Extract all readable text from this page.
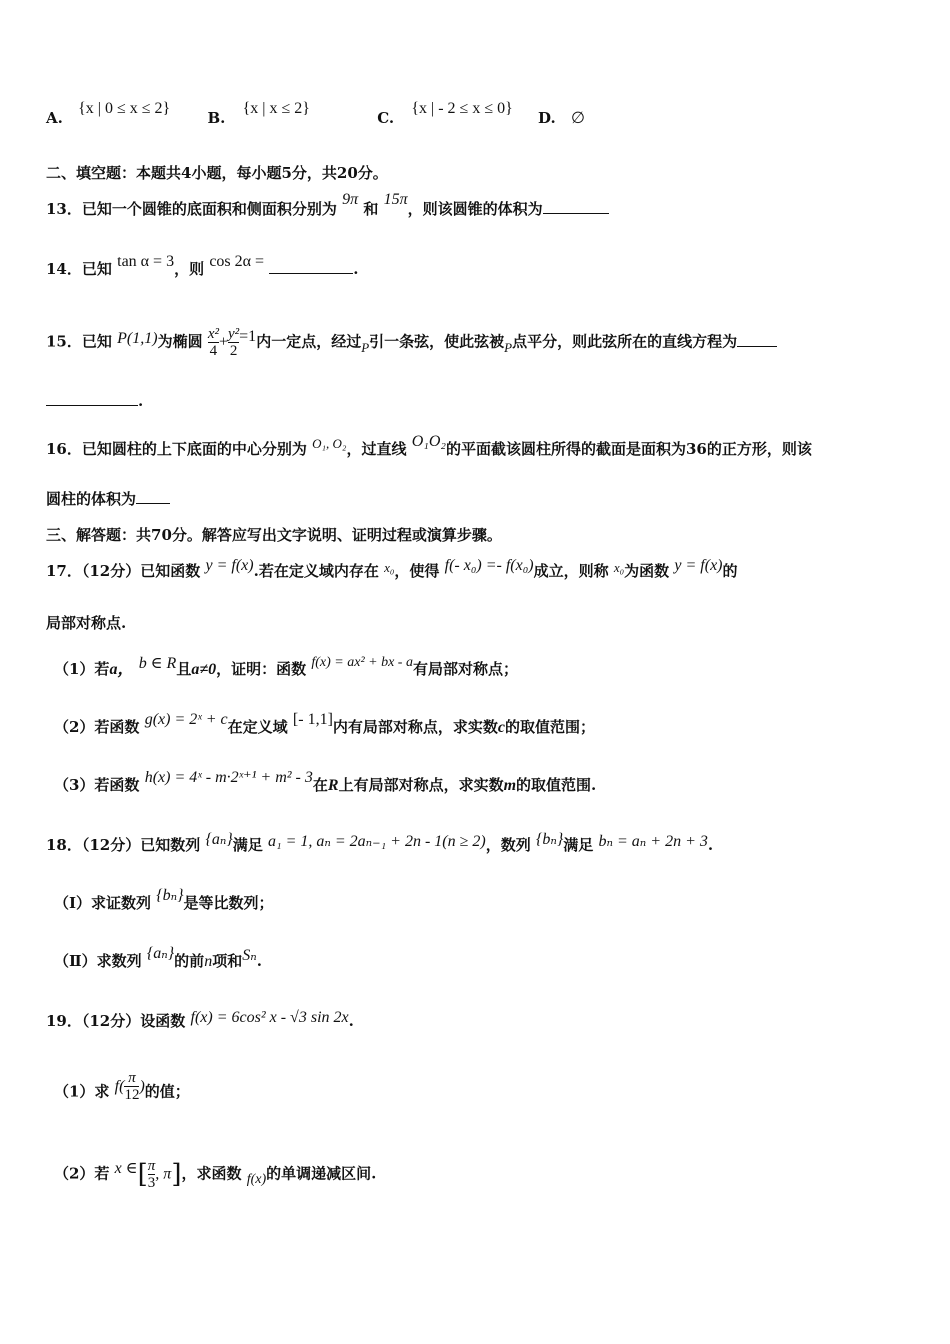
A. {x | 0 ≤ x ≤ 2} B. {x | x ≤ 2} C. {x | - 2 ≤ x ≤ 0} D. ∅
二、填空题：本题共4小题，每小题5分，共20分。
13．已知一个圆锥的底面积和侧面积分别为 9π 和 15π，则该圆锥的体积为
14．已知 tan α = 3，则 cos 2α =	.
15．已知 P(1,1)为椭圆 $\frac{\text{x²}}{4} + \frac{\text{y²}}{2} =1$内一定点，经过P引一条弦，使此弦被P点平分，则此弦所在的直线方程为
.
16．已知圆柱的上下底面的中心分别为 O₁, O₂，过直线 O₁O₂的平面截该圆柱所得的截面是面积为36的正方形，则该
圆柱的体积为
三、解答题：共70分。解答应写出文字说明、证明过程或演算步骤。
17．（12分）已知函数 y = f(x).若在定义域内存在 x₀，使得 f(- x₀) =- f(x₀)成立，则称 x₀为函数 y = f(x)的
局部对称点.
（1）若a， b ∈ R且a≠0，证明：函数 f(x) = ax² + bx - a有局部对称点；
（2）若函数 g(x) = 2ˣ + c在定义域 [- 1,1]内有局部对称点，求实数c的取值范围；
（3）若函数 h(x) = 4ˣ - m·2ˣ⁺¹ + m² - 3在R上有局部对称点，求实数m的取值范围.
18．（12分）已知数列 {aₙ}满足 a₁ = 1, aₙ = 2aₙ₋₁ + 2n - 1(n ≥ 2)，数列 {bₙ}满足 bₙ = aₙ + 2n + 3.
（Ⅰ）求证数列 {bₙ}是等比数列；
（Ⅱ）求数列 {aₙ}的前n项和Sₙ.
19．（12分）设函数 f(x) = 6cos² x - √3 sin 2x.
（1）求 $f( \frac{\pi}{12}$ )的值；
（2）若 x ∈[ $\frac{\pi}{3}$ , π]，求函数 f(x)的单调递减区间.
